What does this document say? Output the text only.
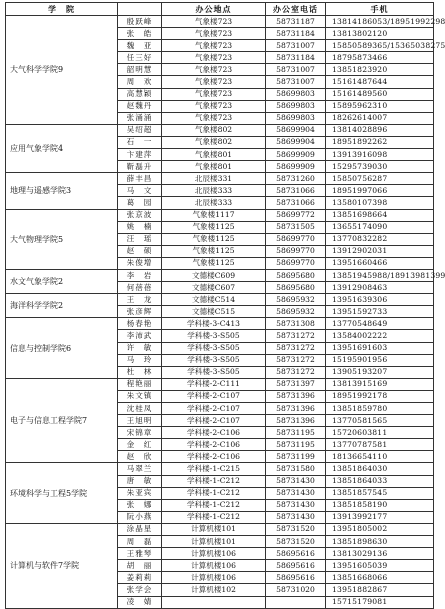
学　院		办公地点	办公室电话	手机
大气科学学院9	殷跃峰	气象楼723	58731187	13814186053/18951992298
	张　皓	气象楼723	58731184	13813802120
	魏　亚	气象楼723	58731007	15850589365/15365038275
	任三好	气象楼723	58731184	18795873466
	韶明慧	气象楼723	58731007	13851823920
	周　欢	气象楼723	58731007	15161487644
	高慧颖	气象楼723	58699803	15161489560
	赵魏丹	气象楼723	58699803	15895962310
	张涌涌	气象楼723	58699803	18262614007
应用气象学院4	吴绍超	气象楼802	58699904	13814028896
	石　一	气象楼802	58699904	18951892262
	卞建萍	气象楼801	58699909	13913916098
	靳磊升	气象楼801	58699909	15295739030
地理与遥感学院3	薛丰昌	北辰楼331	58731260	15850756287
	马　文	北辰楼333	58731066	18951997066
	葛　园	北辰楼333	58731066	13580107398
大气物理学院5	张京波	气象楼1117	58699772	13851698664
	姚　楠	气象楼1125	58731505	13655174090
	汪　瑶	气象楼1125	58699770	13770832282
	赵　硕	气象楼1125	58699770	13912902031
	朱俊增	气象楼1125	58699770	13951660466
水文气象学院2	李　岩	文德楼C609	58695680	13851945988/18913981399
	何蓓蓓	文德楼C607	58695680	13912908463
海洋科学学院2	王　龙	文德楼C514	58695932	13951639306
	张彦辉	文德楼C515	58695932	13951592733
信息与控制学院6	杨春艳	学科楼-3-C413	58731308	13770548649
	李沛武	学科楼-3-S505	58731272	13584002222
	许　敏	学科楼-3-S505	58731272	13951691603
	马　玲	学科楼-3-S505	58731272	15195901956
	杜　林	学科楼-3-S505	58731272	13905193207
电子与信息工程学院7	程艳丽	学科楼-2-C111	58731397	13813915169
	朱文镇	学科楼-2-C107	58731396	18951992178
	沈桂凤	学科楼-2-C107	58731396	13851859780
	王旭明	学科楼-2-C107	58731396	13770581565
	宋锦章	学科楼-2-C106	58731195	15720603811
	金　红	学科楼-2-C106	58731195	13770787581
	赵　欣	学科楼-2-C106	58731199	18136654110
环境科学与工程5学院	马翠兰	学科楼-1-C215	58731580	13851864030
	唐　敏	学科楼-1-C212	58731430	13851864033
	朱亚宾	学科楼-1-C212	58731430	13851857545
	张　娜	学科楼-1-C212	58731430	13851858190
	阮小燕	学科楼-1-C212	58731430	13913992177
计算机与软件7学院	涂晶星	计算机楼101	58731520	13951805002
	周　磊	计算机楼101	58731520	13851898630
	王雅琴	计算机楼106	58695616	13813029136
	胡　丽	计算机楼106	58695616	13951605039
	姜莉莉	计算机楼106	58695616	13851668066
	张学会	计算机楼102	58731020	13951882867
	凌　婧			15715179081
